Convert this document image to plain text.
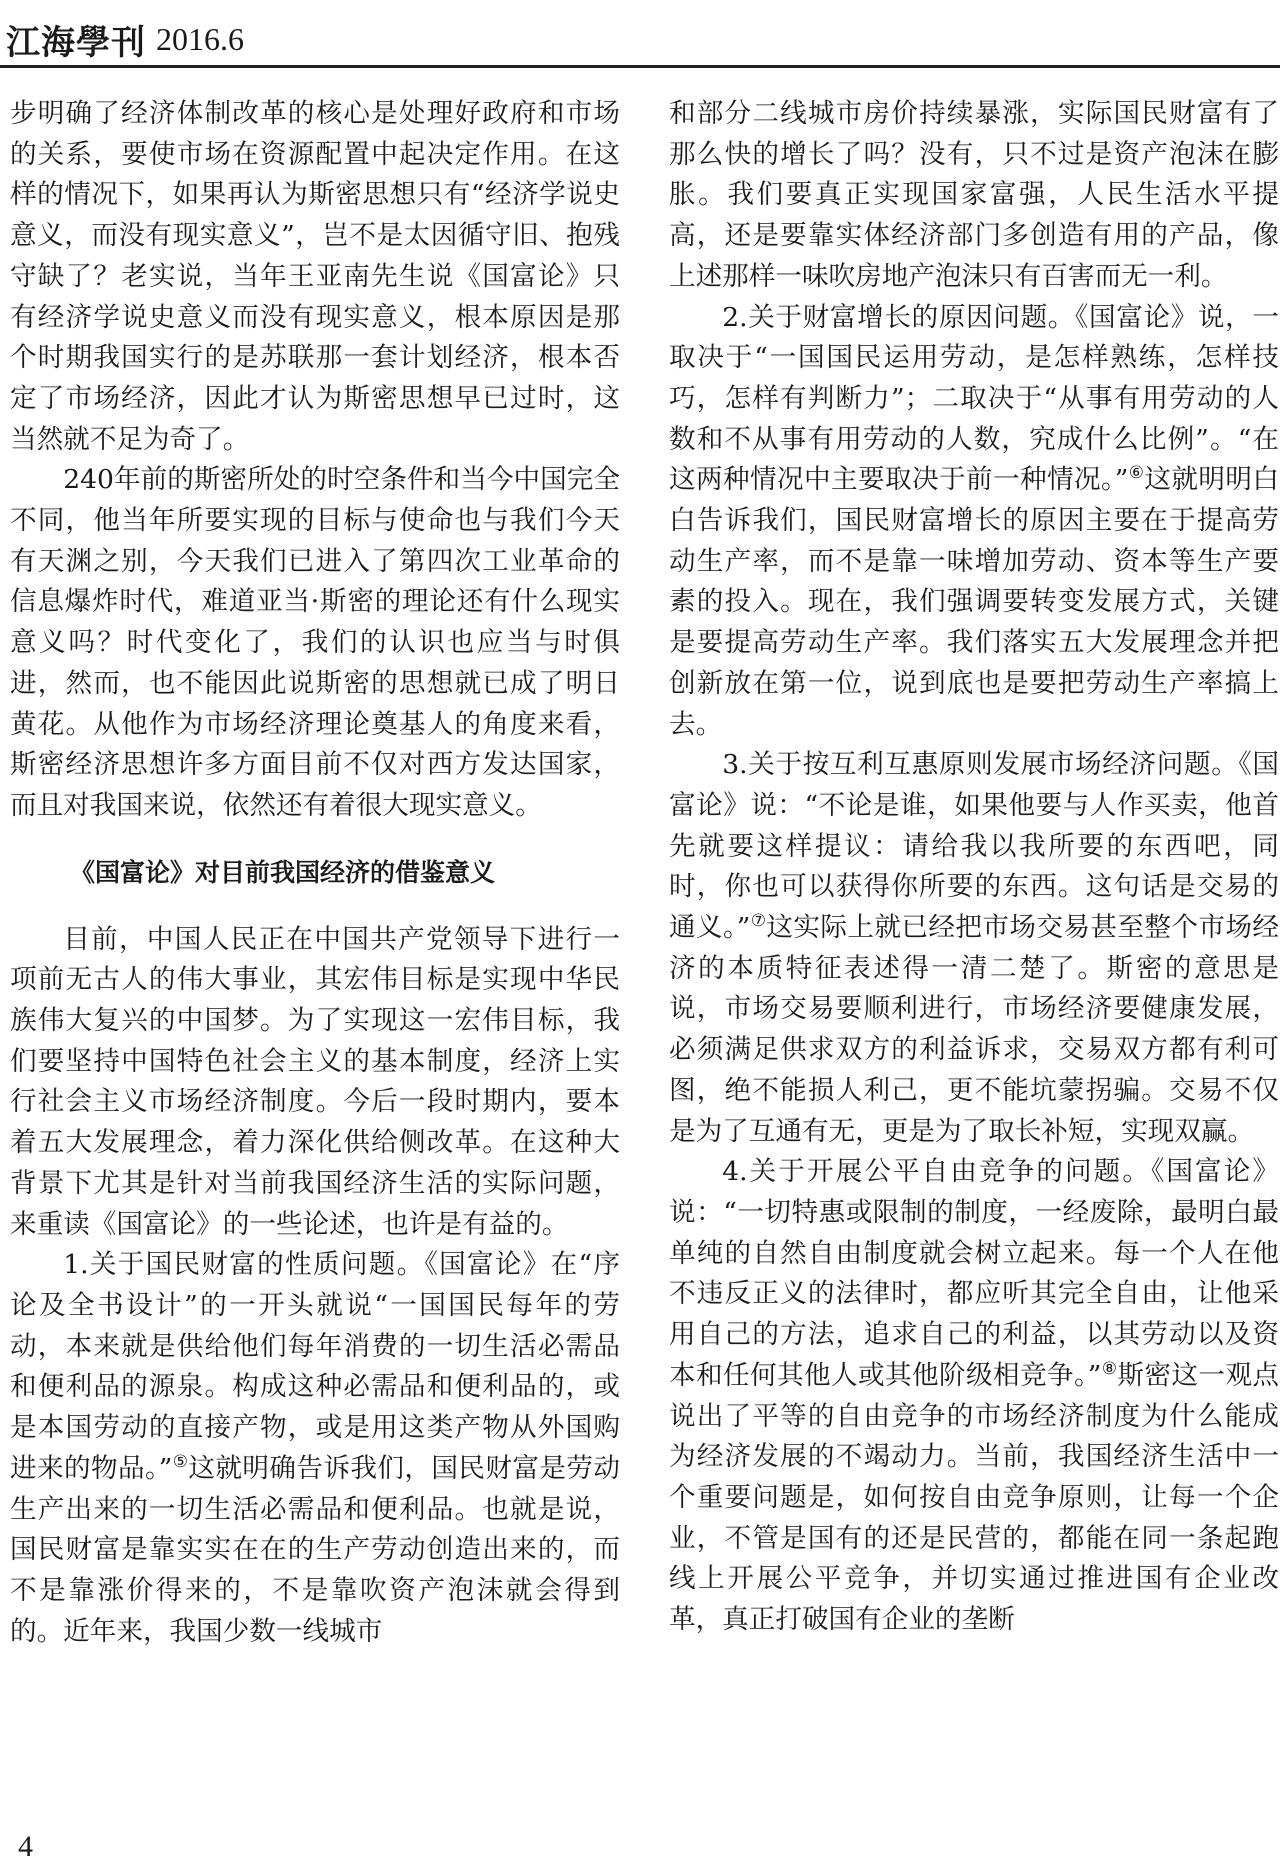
江海學刊 2016.6

步明确了经济体制改革的核心是处理好政府和市场的关系，要使市场在资源配置中起决定作用。在这样的情况下，如果再认为斯密思想只有“经济学说史意义，而没有现实意义”，岂不是太因循守旧、抱残守缺了？老实说，当年王亚南先生说《国富论》只有经济学说史意义而没有现实意义，根本原因是那个时期我国实行的是苏联那一套计划经济，根本否定了市场经济，因此才认为斯密思想早已过时，这当然就不足为奇了。

240年前的斯密所处的时空条件和当今中国完全不同，他当年所要实现的目标与使命也与我们今天有天渊之别，今天我们已进入了第四次工业革命的信息爆炸时代，难道亚当·斯密的理论还有什么现实意义吗？时代变化了，我们的认识也应当与时俱进，然而，也不能因此说斯密的思想就已成了明日黄花。从他作为市场经济理论奠基人的角度来看，斯密经济思想许多方面目前不仅对西方发达国家，而且对我国来说，依然还有着很大现实意义。

《国富论》对目前我国经济的借鉴意义

目前，中国人民正在中国共产党领导下进行一项前无古人的伟大事业，其宏伟目标是实现中华民族伟大复兴的中国梦。为了实现这一宏伟目标，我们要坚持中国特色社会主义的基本制度，经济上实行社会主义市场经济制度。今后一段时期内，要本着五大发展理念，着力深化供给侧改革。在这种大背景下尤其是针对当前我国经济生活的实际问题，来重读《国富论》的一些论述，也许是有益的。

1.关于国民财富的性质问题。《国富论》在“序论及全书设计”的一开头就说“一国国民每年的劳动，本来就是供给他们每年消费的一切生活必需品和便利品的源泉。构成这种必需品和便利品的，或是本国劳动的直接产物，或是用这类产物从外国购进来的物品。”⑤这就明确告诉我们，国民财富是劳动生产出来的一切生活必需品和便利品。也就是说，国民财富是靠实实在在的生产劳动创造出来的，而不是靠涨价得来的，不是靠吹资产泡沫就会得到的。近年来，我国少数一线城市

和部分二线城市房价持续暴涨，实际国民财富有了那么快的增长了吗？没有，只不过是资产泡沫在膨胀。我们要真正实现国家富强，人民生活水平提高，还是要靠实体经济部门多创造有用的产品，像上述那样一味吹房地产泡沫只有百害而无一利。

2.关于财富增长的原因问题。《国富论》说，一取决于“一国国民运用劳动，是怎样熟练，怎样技巧，怎样有判断力”；二取决于“从事有用劳动的人数和不从事有用劳动的人数，究成什么比例”。“在这两种情况中主要取决于前一种情况。”⑥这就明明白白告诉我们，国民财富增长的原因主要在于提高劳动生产率，而不是靠一味增加劳动、资本等生产要素的投入。现在，我们强调要转变发展方式，关键是要提高劳动生产率。我们落实五大发展理念并把创新放在第一位，说到底也是要把劳动生产率搞上去。

3.关于按互利互惠原则发展市场经济问题。《国富论》说：“不论是谁，如果他要与人作买卖，他首先就要这样提议：请给我以我所要的东西吧，同时，你也可以获得你所要的东西。这句话是交易的通义。”⑦这实际上就已经把市场交易甚至整个市场经济的本质特征表述得一清二楚了。斯密的意思是说，市场交易要顺利进行，市场经济要健康发展，必须满足供求双方的利益诉求，交易双方都有利可图，绝不能损人利己，更不能坑蒙拐骗。交易不仅是为了互通有无，更是为了取长补短，实现双赢。

4.关于开展公平自由竞争的问题。《国富论》说：“一切特惠或限制的制度，一经废除，最明白最单纯的自然自由制度就会树立起来。每一个人在他不违反正义的法律时，都应听其完全自由，让他采用自己的方法，追求自己的利益，以其劳动以及资本和任何其他人或其他阶级相竞争。”⑧斯密这一观点说出了平等的自由竞争的市场经济制度为什么能成为经济发展的不竭动力。当前，我国经济生活中一个重要问题是，如何按自由竞争原则，让每一个企业，不管是国有的还是民营的，都能在同一条起跑线上开展公平竞争，并切实通过推进国有企业改革，真正打破国有企业的垄断

4
